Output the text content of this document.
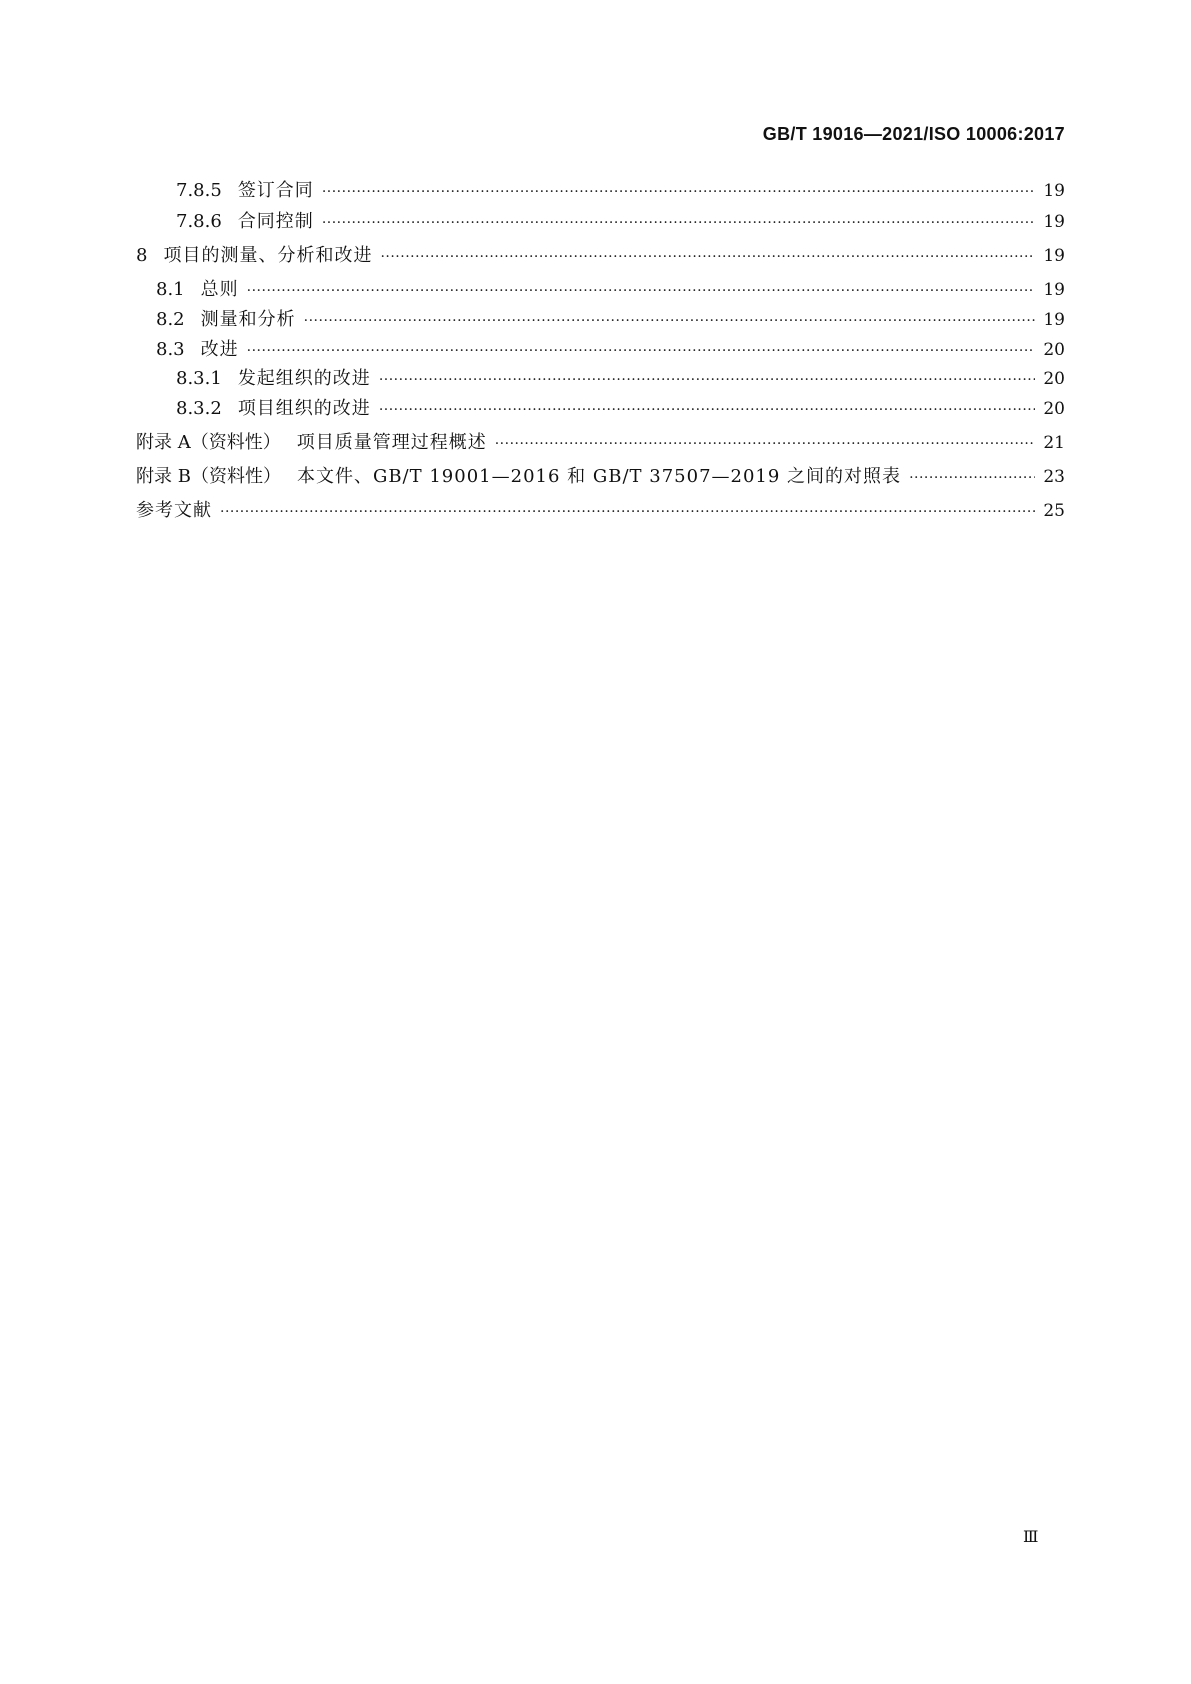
GB/T 19016—2021/ISO 10006:2017
7.8.5 签订合同 ·····	19
7.8.6 合同控制 ·····	19
8 项目的测量、分析和改进 ·····	19
8.1 总则 ·····	19
8.2 测量和分析 ·····	19
8.3 改进 ·····	20
8.3.1 发起组织的改进 ·····	20
8.3.2 项目组织的改进 ·····	20
附录 A（资料性） 项目质量管理过程概述 ·····	21
附录 B（资料性） 本文件、GB/T 19001—2016 和 GB/T 37507—2019 之间的对照表 ·····	23
参考文献 ·····	25
Ⅲ
